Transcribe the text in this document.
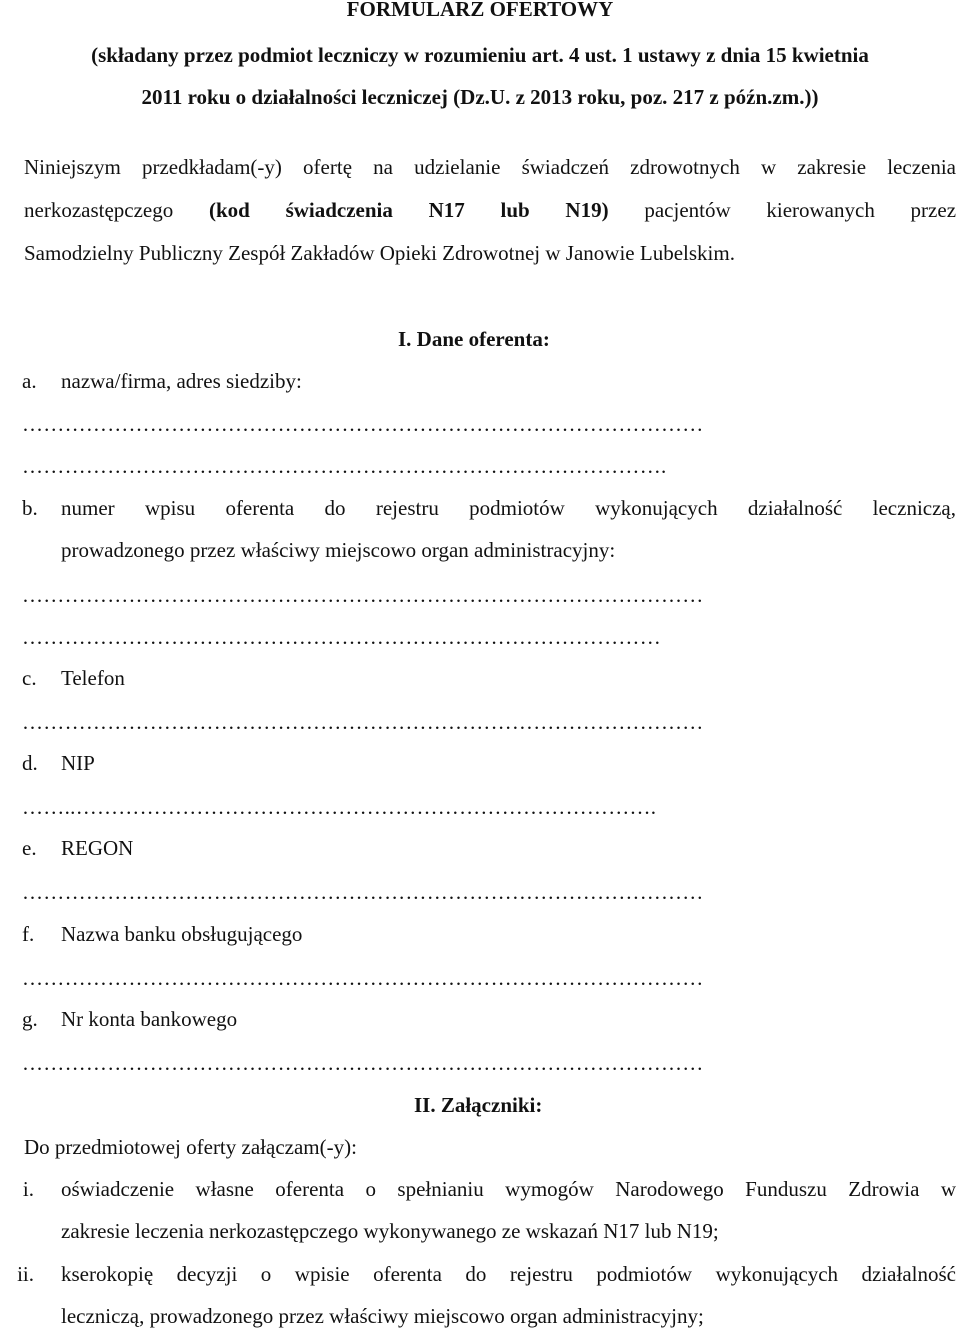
FORMULARZ OFERTOWY
(składany przez podmiot leczniczy w rozumieniu art. 4 ust. 1 ustawy z dnia 15 kwietnia
2011 roku o działalności leczniczej (Dz.U. z 2013 roku, poz. 217 z późn.zm.))
Niniejszym przedkładam(-y) ofertę na udzielanie świadczeń zdrowotnych w zakresie leczenia
nerkozastępczego (kod świadczenia N17 lub N19) pacjentów kierowanych przez
Samodzielny Publiczny Zespół Zakładów Opieki Zdrowotnej w Janowie Lubelskim.
I. Dane oferenta:
a. nazwa/firma, adres siedziby:
……………………………………………………………………………………
……………………………………………………………………………….
b. numer wpisu oferenta do rejestru podmiotów wykonujących działalność leczniczą,
prowadzonego przez właściwy miejscowo organ administracyjny:
……………………………………………………………………………………
………………………………………………………………………………
c. Telefon
……………………………………………………………………………………
d. NIP
……..……………………………………………………………………….
e. REGON
……………………………………………………………………………………
f. Nazwa banku obsługującego
……………………………………………………………………………………
g. Nr konta bankowego
……………………………………………………………………………………
II. Załączniki:
Do przedmiotowej oferty załączam(-y):
i. oświadczenie własne oferenta o spełnianiu wymogów Narodowego Funduszu Zdrowia w
zakresie leczenia nerkozastępczego wykonywanego ze wskazań N17 lub N19;
ii. kserokopię decyzji o wpisie oferenta do rejestru podmiotów wykonujących działalność
leczniczą, prowadzonego przez właściwy miejscowo organ administracyjny;
